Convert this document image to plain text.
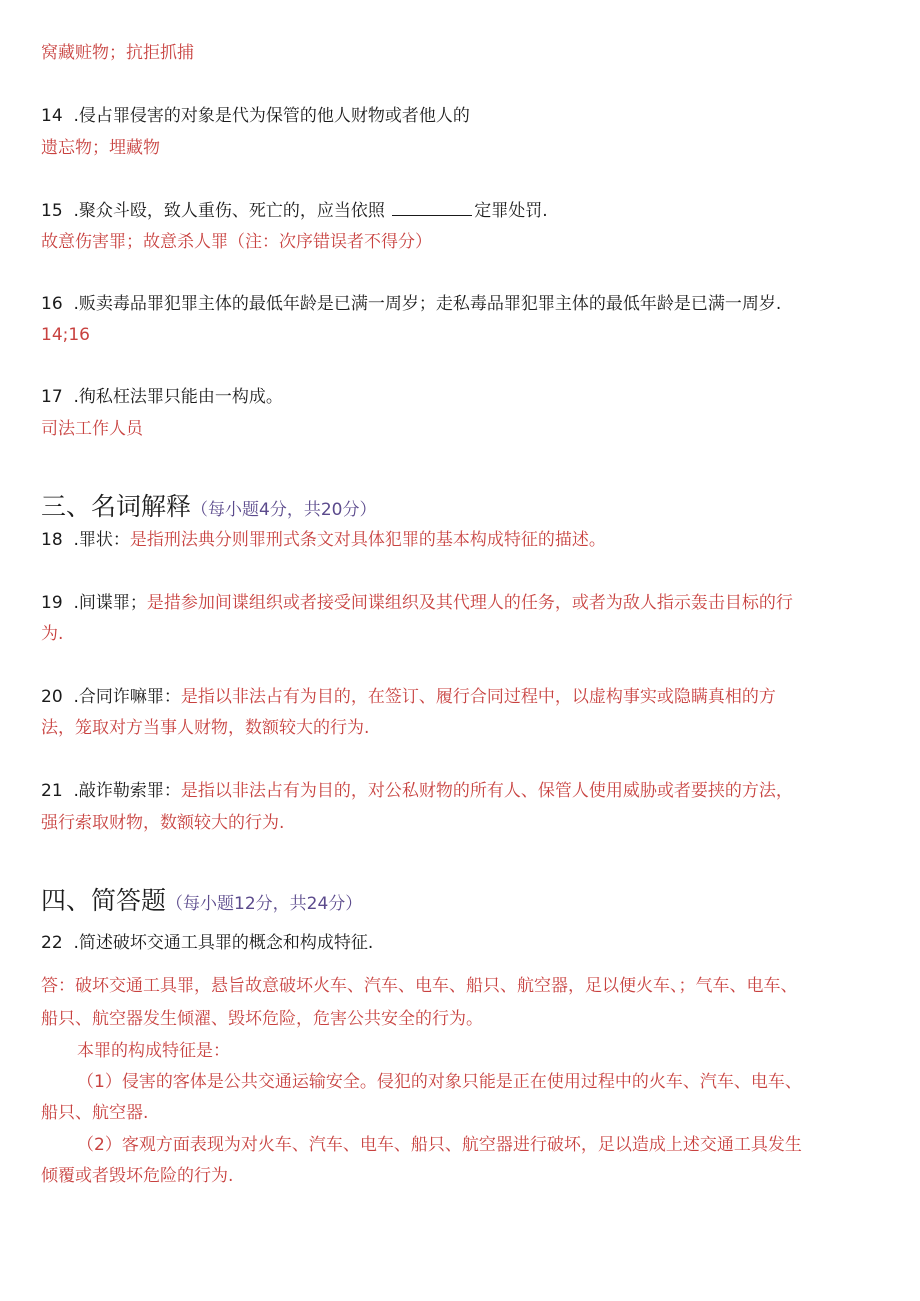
窝藏赃物；抗拒抓捕
14 .侵占罪侵害的对象是代为保管的他人财物或者他人的
遗忘物；埋藏物
15 .聚众斗殴，致人重伤、死亡的，应当依照	定罪处罚.
故意伤害罪；故意杀人罪（注：次序错误者不得分）
16 .贩卖毒品罪犯罪主体的最低年龄是已满一周岁；走私毒品罪犯罪主体的最低年龄是已满一周岁.
14;16
17 .徇私枉法罪只能由一构成。
司法工作人员
三、名词解释（每小题4分，共20分）
18 .罪状：是指刑法典分则罪刑式条文对具体犯罪的基本构成特征的描述。
19 .间谍罪；是措参加间谍组织或者接受间谍组织及其代理人的任务，或者为敌人指示轰击目标的行
为.
20 .合同诈嘛罪：是指以非法占有为目的，在签订、履行合同过程中，以虚构事实或隐瞒真相的方
法，笼取对方当事人财物，数额较大的行为.
21 .敲诈勒索罪：是指以非法占有为目的，对公私财物的所有人、保管人使用威胁或者要挟的方法，
强行索取财物，数额较大的行为.
四、简答题（每小题12分，共24分）
22 .简述破坏交通工具罪的概念和构成特征.
答：破坏交通工具罪，悬旨故意破坏火车、汽车、电车、船只、航空器，足以便火车、；气车、电车、
船只、航空器发生倾濯、毁坏危险，危害公共安全的行为。
本罪的构成特征是：
（1）侵害的客体是公共交通运输安全。侵犯的对象只能是正在使用过程中的火车、汽车、电车、
船只、航空器.
（2）客观方面表现为对火车、汽车、电车、船只、航空器进行破坏，足以造成上述交通工具发生
倾覆或者毁坏危险的行为.
